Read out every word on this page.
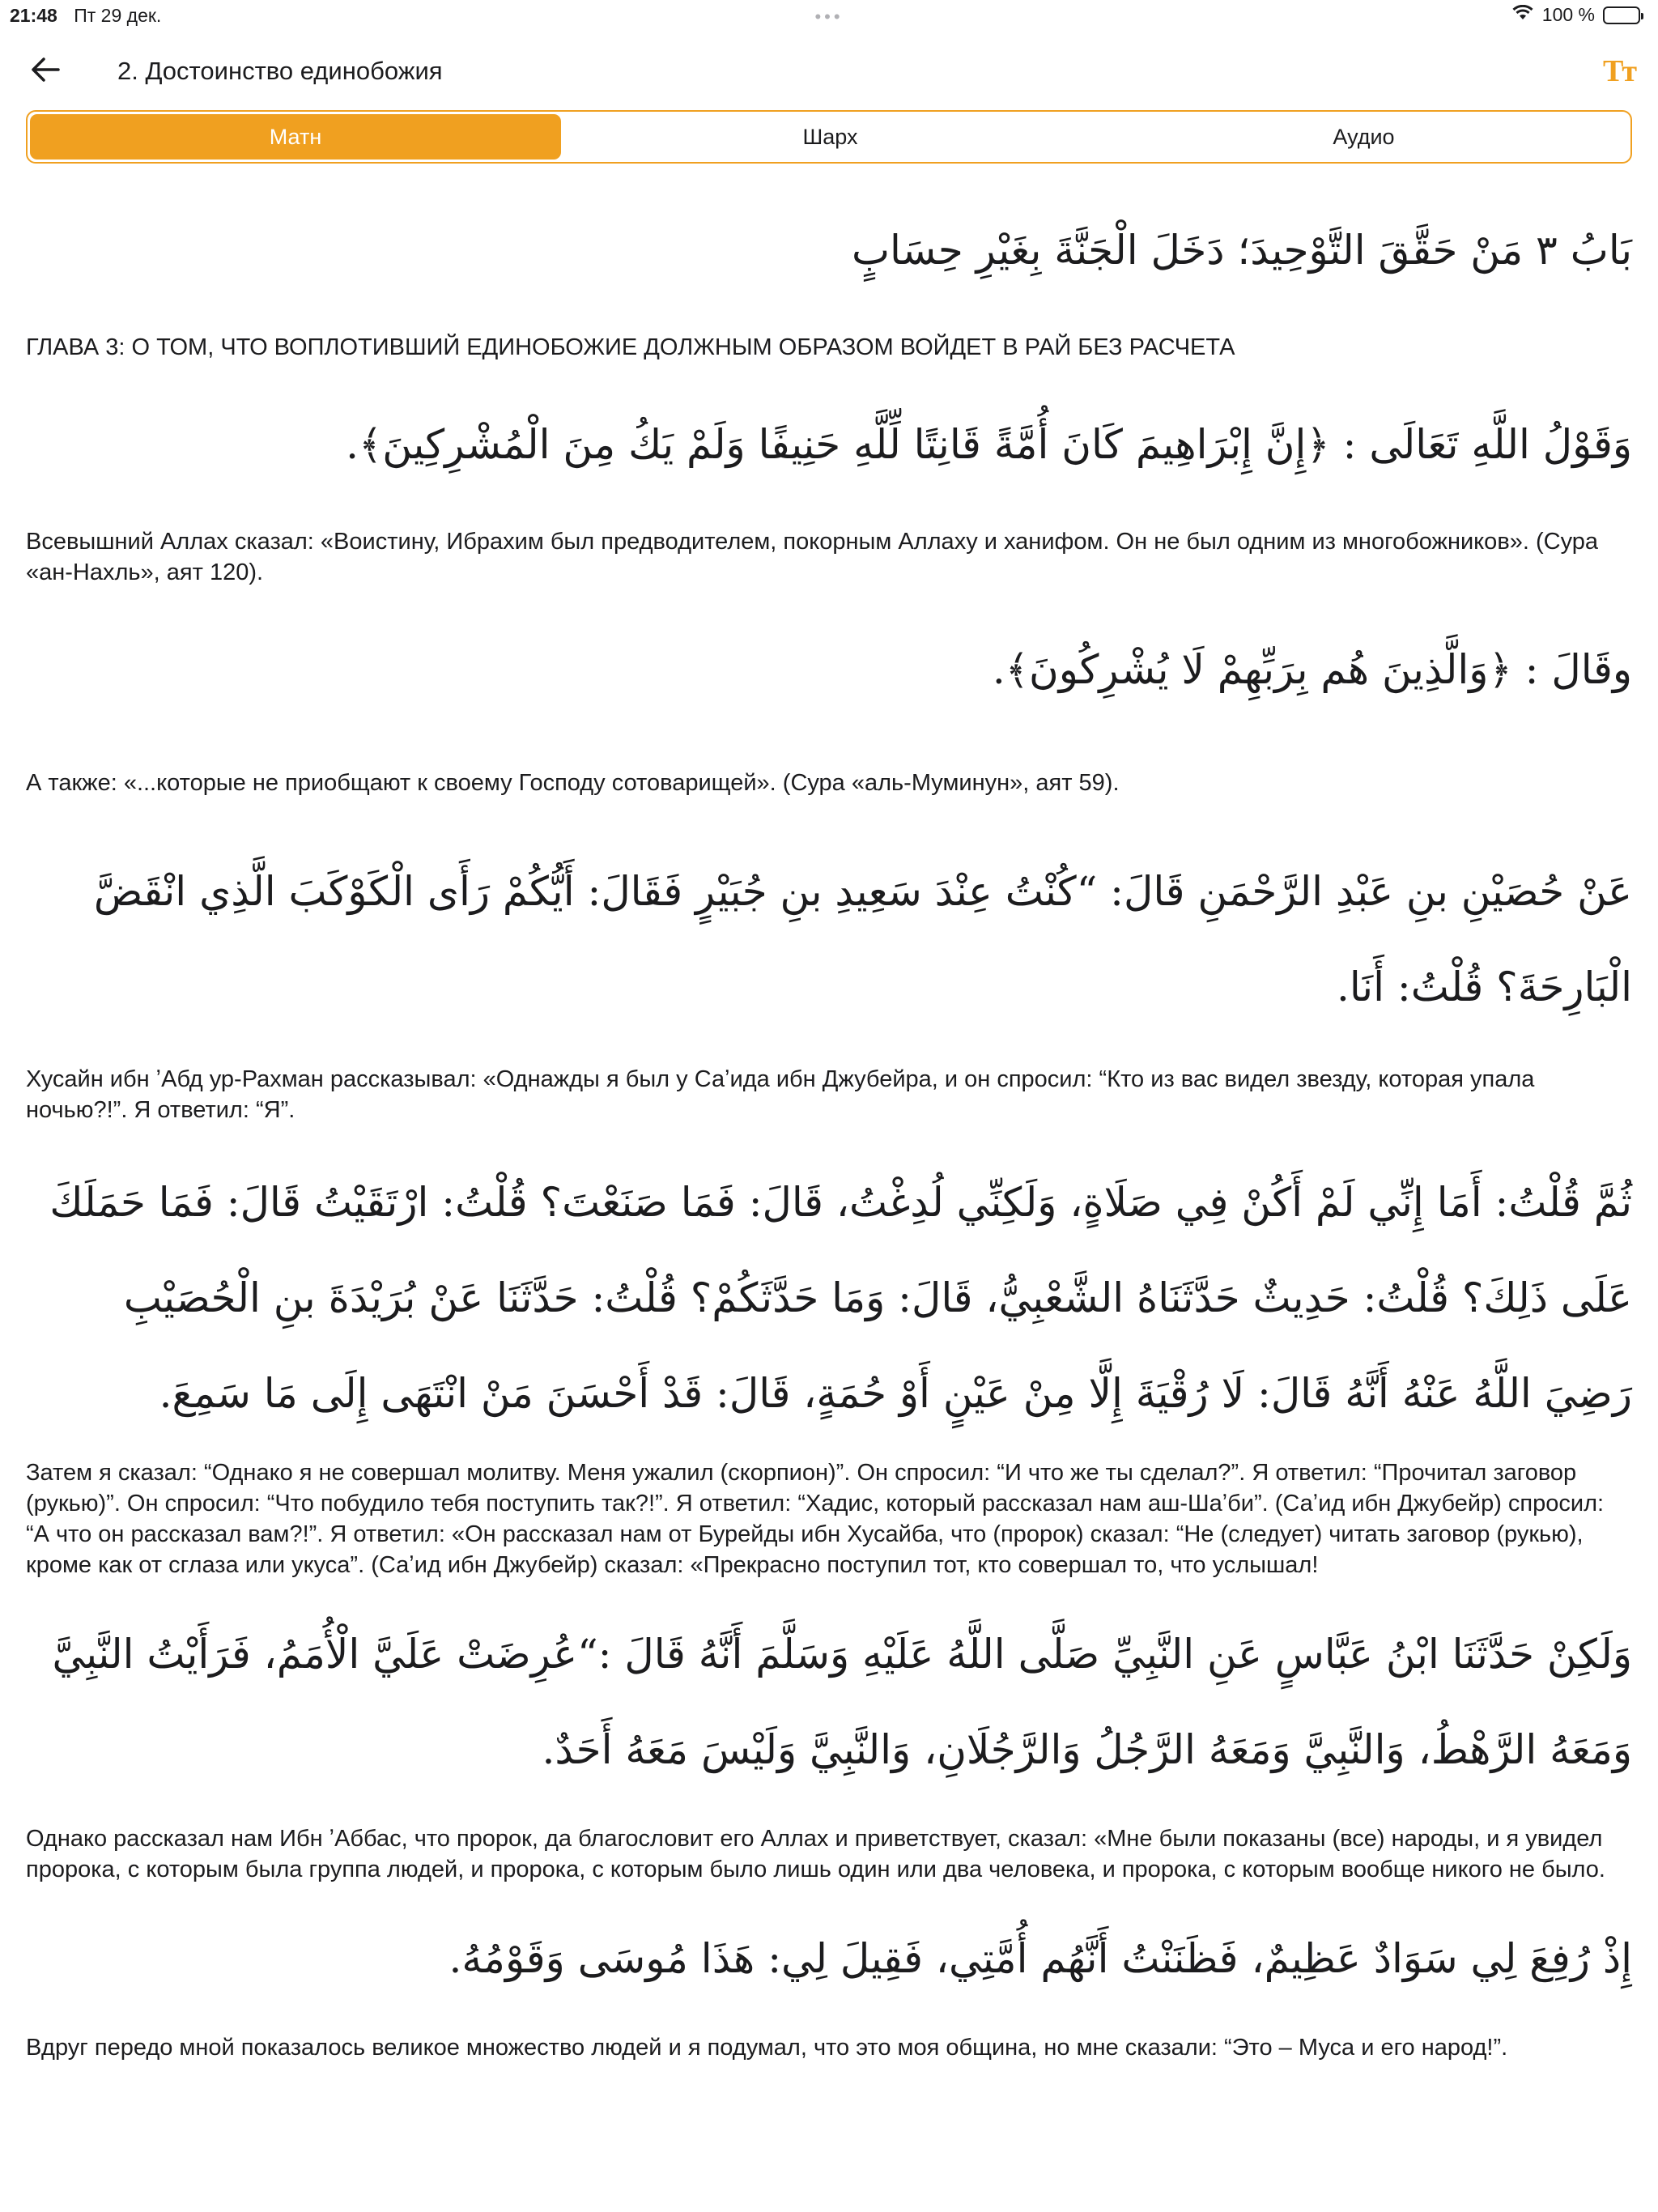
21:48 Пт 29 дек.	•••	100 %
2. Достоинство единобожия	Тт
Матн	Шарх	Аудио

بَابُ ٣ مَنْ حَقَّقَ التَّوْحِيدَ؛ دَخَلَ الْجَنَّةَ بِغَيْرِ حِسَابٍ

ГЛАВА 3: О ТОМ, ЧТО ВОПЛОТИВШИЙ ЕДИНОБОЖИЕ ДОЛЖНЫМ ОБРАЗОМ ВОЙДЕТ В РАЙ БЕЗ РАСЧЕТА

وَقَوْلُ اللَّهِ تَعَالَى : ﴿إِنَّ إِبْرَاهِيمَ كَانَ أُمَّةً قَانِتًا لِّلَّهِ حَنِيفًا وَلَمْ يَكُ مِنَ الْمُشْرِكِينَ﴾.

Всевышний Аллах сказал: «Воистину, Ибрахим был предводителем, покорным Аллаху и ханифом. Он не был одним из многобожников». (Сура «ан-Нахль», аят 120).

وقَالَ : ﴿وَالَّذِينَ هُم بِرَبِّهِمْ لَا يُشْرِكُونَ﴾.

А также: «...которые не приобщают к своему Господу сотоварищей». (Сура «аль-Муминун», аят 59).

عَنْ حُصَيْنِ بنِ عَبْدِ الرَّحْمَنِ قَالَ: “كُنْتُ عِنْدَ سَعِيدِ بنِ جُبَيْرٍ فَقَالَ: أَيُّكُمْ رَأَى الْكَوْكَبَ الَّذِي انْقَضَّ الْبَارِحَةَ؟ قُلْتُ: أَنَا.

Хусайн ибн ʼАбд ур-Рахман рассказывал: «Однажды я был у Саʼида ибн Джубейра, и он спросил: “Кто из вас видел звезду, которая упала ночью?!”. Я ответил: “Я”.

ثُمَّ قُلْتُ: أَمَا إِنِّي لَمْ أَكُنْ فِي صَلَاةٍ، وَلَكِنِّي لُدِغْتُ، قَالَ: فَمَا صَنَعْتَ؟ قُلْتُ: ارْتَقَيْتُ قَالَ: فَمَا حَمَلَكَ عَلَى ذَلِكَ؟ قُلْتُ: حَدِيثٌ حَدَّثَنَاهُ الشَّعْبِيُّ، قَالَ: وَمَا حَدَّثَكُمْ؟ قُلْتُ: حَدَّثَنَا عَنْ بُرَيْدَةَ بنِ الْحُصَيْبِ رَضِيَ اللَّهُ عَنْهُ أَنَّهُ قَالَ: لَا رُقْيَةَ إِلَّا مِنْ عَيْنٍ أَوْ حُمَةٍ، قَالَ: قَدْ أَحْسَنَ مَنْ انْتَهَى إِلَى مَا سَمِعَ.

Затем я сказал: “Однако я не совершал молитву. Меня ужалил (скорпион)”. Он спросил: “И что же ты сделал?”. Я ответил: “Прочитал заговор (рукью)”. Он спросил: “Что побудило тебя поступить так?!”. Я ответил: “Хадис, который рассказал нам аш-Шаʼби”. (Саʼид ибн Джубейр) спросил: “А что он рассказал вам?!”. Я ответил: «Он рассказал нам от Бурейды ибн Хусайба, что (пророк) сказал: “Не (следует) читать заговор (рукью), кроме как от сглаза или укуса”. (Саʼид ибн Джубейр) сказал: «Прекрасно поступил тот, кто совершал то, что услышал!

وَلَكِنْ حَدَّثَنَا ابْنُ عَبَّاسٍ عَنِ النَّبِيِّ صَلَّى اللَّهُ عَلَيْهِ وَسَلَّمَ أَنَّهُ قَالَ :“عُرِضَتْ عَلَيَّ الْأُمَمُ، فَرَأَيْتُ النَّبِيَّ وَمَعَهُ الرَّهْطُ، وَالنَّبِيَّ وَمَعَهُ الرَّجُلُ وَالرَّجُلَانِ، وَالنَّبِيَّ وَلَيْسَ مَعَهُ أَحَدٌ.

Однако рассказал нам Ибн ʼАббас, что пророк, да благословит его Аллах и приветствует, сказал: «Мне были показаны (все) народы, и я увидел пророка, с которым была группа людей, и пророка, с которым было лишь один или два человека, и пророка, с которым вообще никого не было.

إِذْ رُفِعَ لِي سَوَادٌ عَظِيمٌ، فَظَنَنْتُ أَنَّهُم أُمَّتِي، فَقِيلَ لِي: هَذَا مُوسَى وَقَوْمُهُ.

Вдруг передо мной показалось великое множество людей и я подумал, что это моя община, но мне сказали: “Это – Муса и его народ!”.
